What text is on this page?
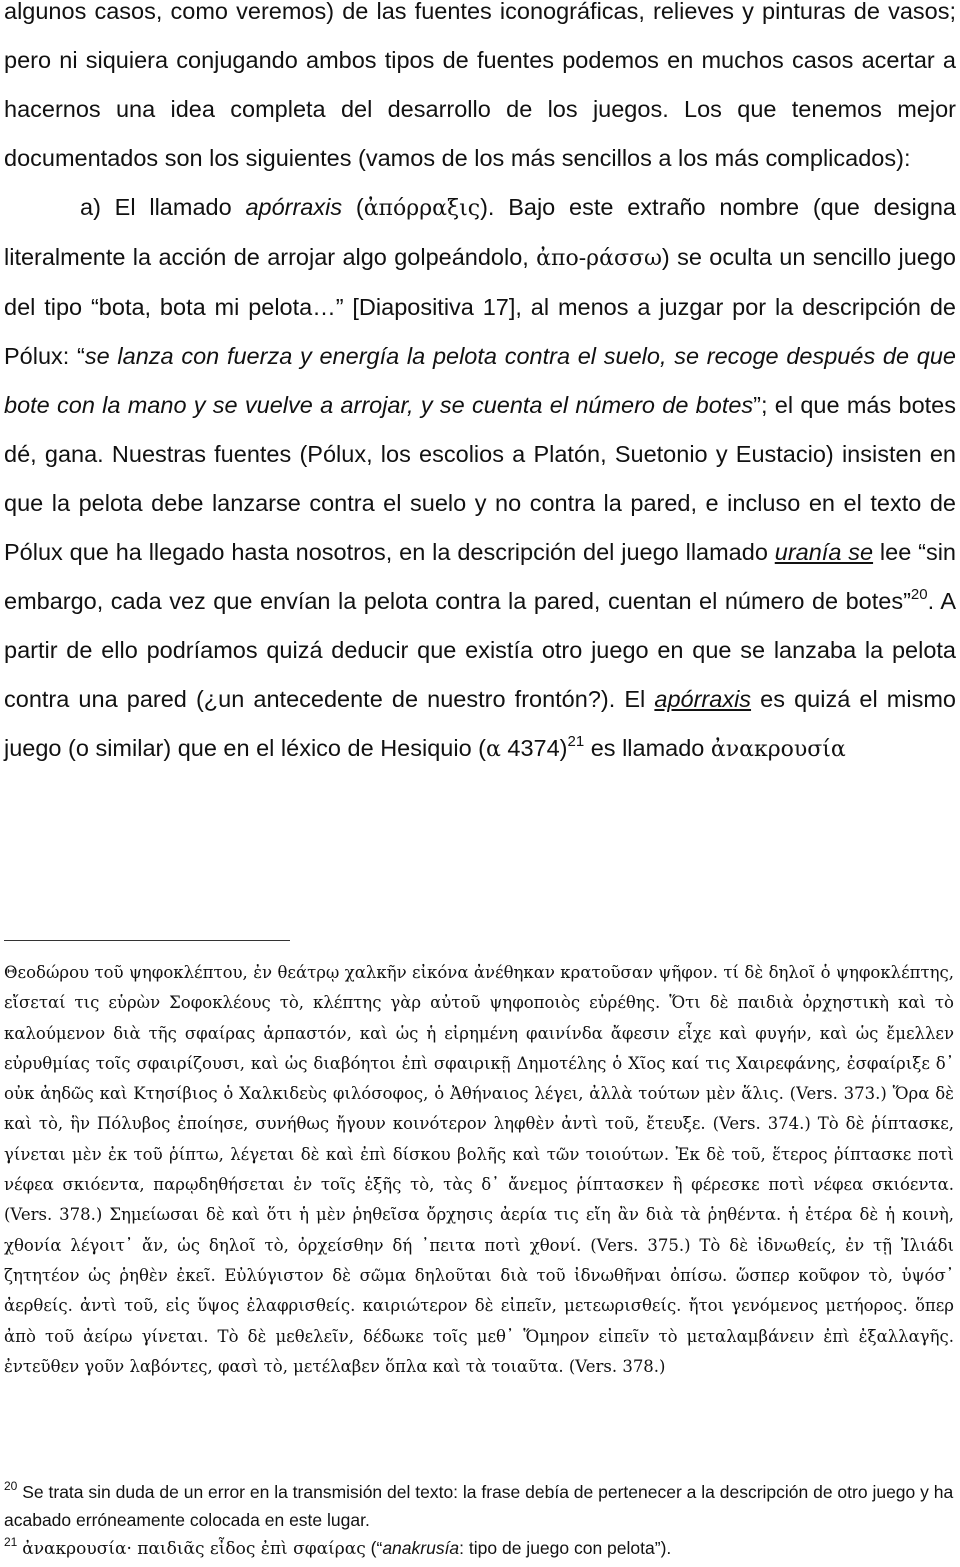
algunos casos, como veremos) de las fuentes iconográficas, relieves y pinturas de vasos; pero ni siquiera conjugando ambos tipos de fuentes podemos en muchos casos acertar a hacernos una idea completa del desarrollo de los juegos. Los que tenemos mejor documentados son los siguientes (vamos de los más sencillos a los más complicados):

a) El llamado apórraxis (ἀπόρραξις). Bajo este extraño nombre (que designa literalmente la acción de arrojar algo golpeándolo, ἀπο-ράσσω) se oculta un sencillo juego del tipo “bota, bota mi pelota…” [Diapositiva 17], al menos a juzgar por la descripción de Pólux: “se lanza con fuerza y energía la pelota contra el suelo, se recoge después de que bote con la mano y se vuelve a arrojar, y se cuenta el número de botes”; el que más botes dé, gana. Nuestras fuentes (Pólux, los escolios a Platón, Suetonio y Eustacio) insisten en que la pelota debe lanzarse contra el suelo y no contra la pared, e incluso en el texto de Pólux que ha llegado hasta nosotros, en la descripción del juego llamado uranía se lee “sin embargo, cada vez que envían la pelota contra la pared, cuentan el número de botes”$^{20}$. A partir de ello podríamos quizá deducir que existía otro juego en que se lanzaba la pelota contra una pared (¿un antecedente de nuestro frontón?). El apórraxis es quizá el mismo juego (o similar) que en el léxico de Hesiquio (α 4374)$^{21}$ es llamado ἀνακρουσία

Θεοδώρου τοῦ ψηφοκλέπτου, ἐν θεάτρῳ χαλκῆν εἰκόνα ἀνέθηκαν κρατοῦσαν ψῆφον. τί δὲ δηλοῖ ὁ ψηφοκλέπτης, εἴσεταί τις εὑρὼν Σοφοκλέους τὸ, κλέπτης γὰρ αὐτοῦ ψηφοποιὸς εὑρέθης. Ὅτι δὲ παιδιὰ ὀρχηστικὴ καὶ τὸ καλούμενον διὰ τῆς σφαίρας ἁρπαστόν, καὶ ὡς ἡ εἰρημένη φαινίνδα ἄφεσιν εἶχε καὶ φυγήν, καὶ ὡς ἔμελλεν εὐρυθμίας τοῖς σφαιρίζουσι, καὶ ὡς διαβόητοι ἐπὶ σφαιρικῇ Δημοτέλης ὁ Χῖος καί τις Χαιρεφάνης, ἐσφαίριξε δ᾽ οὐκ ἀηδῶς καὶ Κτησίβιος ὁ Χαλκιδεὺς φιλόσοφος, ὁ Ἀθήναιος λέγει, ἀλλὰ τούτων μὲν ἅλις. (Vers. 373.) Ὅρα δὲ καὶ τὸ, ἣν Πόλυβος ἐποίησε, συνήθως ἤγουν κοινότερον ληφθὲν ἀντὶ τοῦ, ἔτευξε. (Vers. 374.) Τὸ δὲ ῥίπτασκε, γίνεται μὲν ἐκ τοῦ ῥίπτω, λέγεται δὲ καὶ ἐπὶ δίσκου βολῆς καὶ τῶν τοιούτων. Ἐκ δὲ τοῦ, ἕτερος ῥίπτασκε ποτὶ νέφεα σκιόεντα, παρῳδηθήσεται ἐν τοῖς ἑξῆς τὸ, τὰς δ᾽ ἄνεμος ῥίπτασκεν ἢ φέρεσκε ποτὶ νέφεα σκιόεντα. (Vers. 378.) Σημείωσαι δὲ καὶ ὅτι ἡ μὲν ῥηθεῖσα ὄρχησις ἀερία τις εἴη ἂν διὰ τὰ ῥηθέντα. ἡ ἑτέρα δὲ ἡ κοινὴ, χθονία λέγοιτ᾽ ἄν, ὡς δηλοῖ τὸ, ὀρχείσθην δή ᾽πειτα ποτὶ χθονί. (Vers. 375.) Τὸ δὲ ἰδνωθείς, ἐν τῇ Ἰλιάδι ζητητέον ὡς ῥηθὲν ἐκεῖ. Εὐλύγιστον δὲ σῶμα δηλοῦται διὰ τοῦ ἰδνωθῆναι ὀπίσω. ὥσπερ κοῦφον τὸ, ὑψόσ᾽ ἀερθείς. ἀντὶ τοῦ, εἰς ὕψος ἐλαφρισθείς. καιριώτερον δὲ εἰπεῖν, μετεωρισθείς. ἤτοι γενόμενος μετήορος. ὅπερ ἀπὸ τοῦ ἀείρω γίνεται. Τὸ δὲ μεθελεῖν, δέδωκε τοῖς μεθ᾽ Ὅμηρον εἰπεῖν τὸ μεταλαμβάνειν ἐπὶ ἐξαλλαγῆς. ἐντεῦθεν γοῦν λαβόντες, φασὶ τὸ, μετέλαβεν ὅπλα καὶ τὰ τοιαῦτα. (Vers. 378.)

$^{20}$ Se trata sin duda de un error en la transmisión del texto: la frase debía de pertenecer a la descripción de otro juego y ha acabado erróneamente colocada en este lugar.

$^{21}$ ἀνακρουσία· παιδιᾶς εἶδος ἐπὶ σφαίρας (“anakrusía: tipo de juego con pelota”).
